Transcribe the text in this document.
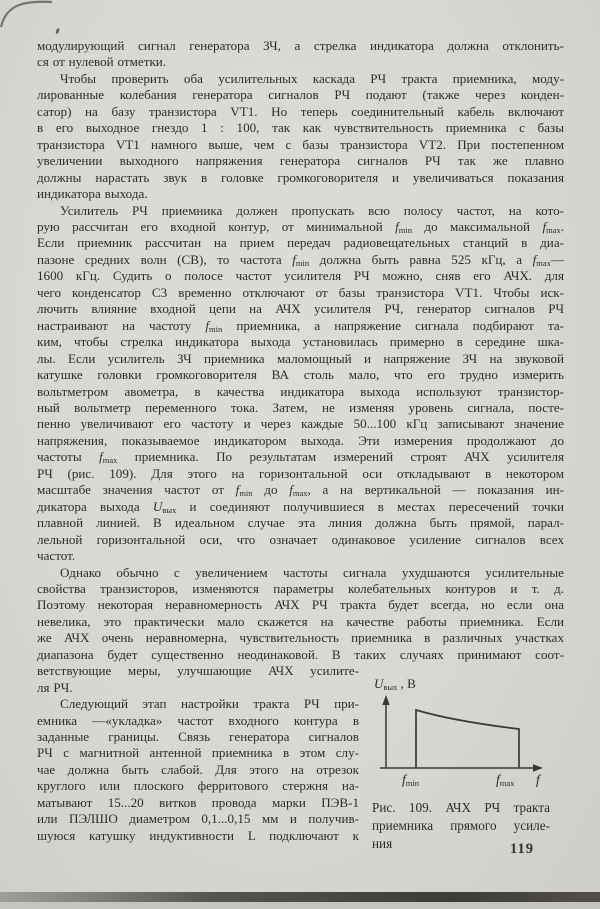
модулирующий сигнал генератора ЗЧ, а стрелка индикатора должна отклонить-
ся от нулевой отметки.
Чтобы проверить оба усилительных каскада РЧ тракта приемника, моду-
лированные колебания генератора сигналов РЧ подают (также через конден-
сатор) на базу транзистора VT1. Но теперь соединительный кабель включают
в его выходное гнездо 1 : 100, так как чувствительность приемника с базы
транзистора VT1 намного выше, чем с базы транзистора VT2. При постепенном
увеличении выходного напряжения генератора сигналов РЧ так же плавно
должны нарастать звук в головке громкоговорителя и увеличиваться показания
индикатора выхода.
Усилитель РЧ приемника должен пропускать всю полосу частот, на кото-
рую рассчитан его входной контур, от минимальной $f_{min}$ до максимальной $f_{max}$.
Если приемник рассчитан на прием передач радиовещательных станций в диа-
пазоне средних волн (СВ), то частота $f_{min}$ должна быть равна 525 кГц, а $f_{max}—$
1600 кГц. Судить о полосе частот усилителя РЧ можно, сняв его АЧХ. для
чего конденсатор С3 временно отключают от базы транзистора VT1. Чтобы иск-
лючить влияние входной цепи на АЧХ усилителя РЧ, генератор сигналов РЧ
настраивают на частоту $f_{min}$ приемника, а напряжение сигнала подбирают та-
ким, чтобы стрелка индикатора выхода установилась примерно в середине шка-
лы. Если усилитель ЗЧ приемника маломощный и напряжение ЗЧ на звуковой
катушке головки громкоговорителя ВА столь мало, что его трудно измерить
вольтметром авометра, в качества индикатора выхода используют транзистор-
ный вольтметр переменного тока. Затем, не изменяя уровень сигнала, посте-
пенно увеличивают его частоту и через каждые 50...100 кГц записывают значение
напряжения, показываемое индикатором выхода. Эти измерения продолжают до
частоты $f_{max}$ приемника. По результатам измерений строят АЧХ усилителя
РЧ (рис. 109). Для этого на горизонтальной оси откладывают в некотором
масштабе значения частот от $f_{min}$ до $f_{max}$, а на вертикальной — показания ин-
дикатора выхода $U_{вых}$ и соединяют получившиеся в местах пересечений точки
плавной линией. В идеальном случае эта линия должна быть прямой, парал-
лельной горизонтальной оси, что означает одинаковое усиление сигналов всех
частот.
Однако обычно с увеличением частоты сигнала ухудшаются усилительные
свойства транзисторов, изменяются параметры колебательных контуров и т. д.
Поэтому некоторая неравномерность АЧХ РЧ тракта будет всегда, но если она
невелика, это практически мало скажется на качестве работы приемника. Если
же АЧХ очень неравномерна, чувствительность приемника в различных участках
диапазона будет существенно неодинаковой. В таких случаях принимают соот-
ветствующие меры, улучшающие АЧХ усилите-
ля РЧ.
Следующий этап настройки тракта РЧ при-
емника —«укладка» частот входного контура в
заданные границы. Связь генератора сигналов
РЧ с магнитной антенной приемника в этом слу-
чае должна быть слабой. Для этого на отрезок
круглого или плоского ферритового стержня на-
матывают 15...20 витков провода марки ПЭВ-1
или ПЭЛШО диаметром 0,1...0,15 мм и получив-
шуюся катушку индуктивности L подключают к
$U_{вых}$ , В
$f_{min}$	$f_{max}$ f
Рис. 109. АЧХ РЧ тракта
приемника прямого усиле-
ния	119
